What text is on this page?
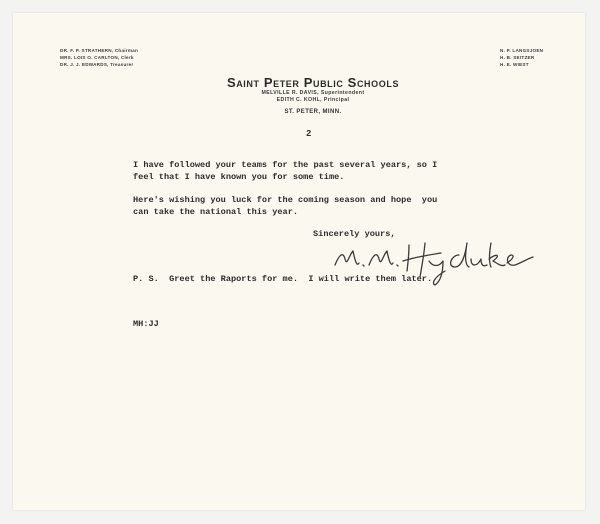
DR. F. P. STRATHERN, Chairman
MRS. LOIS O. CARLTON, Clerk
DR. J. J. EDWARDS, Treasurer
N. P. LANGSJOEN
H. B. SEITZER
H. E. WIEST
Saint Peter Public Schools
MELVILLE R. DAVIS, Superintendent
EDITH C. KOHL, Principal
ST. PETER, MINN.
2
I have followed your teams for the past several years, so I
feel that I have known you for some time.
Here's wishing you luck for the coming season and hope  you
can take the national this year.
Sincerely yours,
P. S.  Greet the Raports for me.  I will write them later.
MH:JJ
